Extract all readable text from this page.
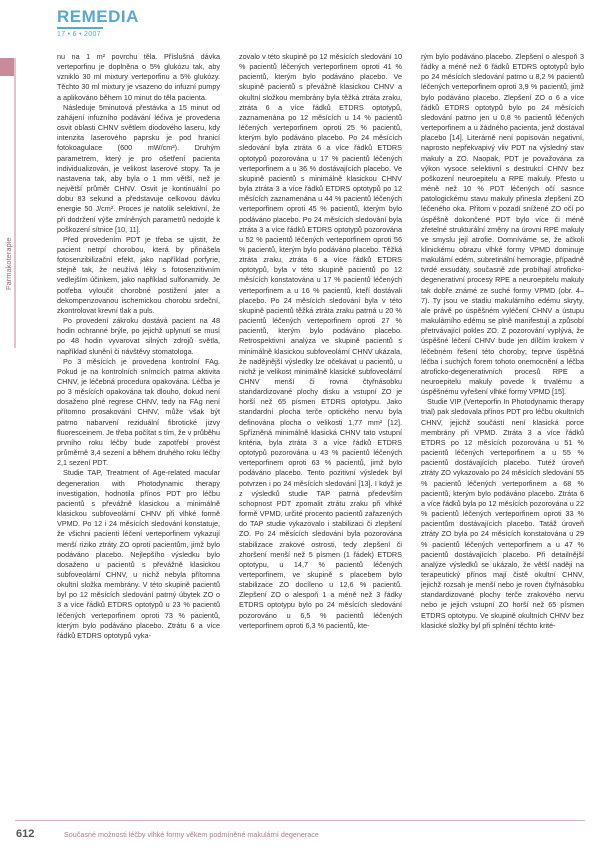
REMEDIA
17 • 6 • 2007
Farmakoterapie

nu na 1 m² povrchu těla. Příslušná dávka verteporfinu je doplněna o 5% glukózu tak, aby vzniklo 30 ml mixtury verteporfinu a 5% glukózy. Těchto 30 ml mixtury je vsazeno do infuzní pumpy a aplikováno během 10 minut do těla pacienta.

Následuje 5minutová přestávka a 15 minut od zahájení infuzního podávání léčiva je provedena osvit oblasti CHNV světlem diodového laseru, kdy intenzita laserového paprsku je pod hranicí fotokoagulace (600 mW/cm²). Druhým parametrem, který je pro ošetření pacienta individualizován, je velikost laserové stopy. Ta je nastavena tak, aby byla o 1 mm větší, než je největší průměr CHNV. Osvit je kontinuální po dobu 83 sekund a představuje celkovou dávku energie 50 J/cm². Proces je natolik selektivní, že při dodržení výše zmíněných parametrů nedojde k poškození sítnice [10, 11].

Před provedením PDT je třeba se ujistit, že pacient netrpí chorobou, která by přinášela fotosenzibilizační efekt, jako například porfyrie, stejně tak, že neužívá léky s fotosenzitivním vedlejším účinkem, jako například sulfonamidy. Je potřeba vyloučit chorobné postižení jater a dekompenzovanou ischemickou chorobu srdeční, zkontrolovat krevní tlak a puls.

Po provedení zákroku dostává pacient na 48 hodin ochranné brýle, po jejichž uplynutí se musí po 48 hodin vyvarovat silných zdrojů světla, například slunění či návštěvy stomatologa.

Po 3 měsících je provedena kontrolní FAg. Pokud je na kontrolních snímcích patrna aktivita CHNV, je léčebná procedura opakována. Léčba je po 3 měsících opakována tak dlouho, dokud není dosaženo plné regrese CHNV, tedy na FAg není přítomno prosakování CHNV, může však být patrno nabarvení reziduální fibrotické jizvy fluoresceinem. Je třeba počítat s tím, že v průběhu prvního roku léčby bude zapotřebí provést průměrně 3,4 sezení a během druhého roku léčby 2,1 sezení PDT.

Studie TAP, Treatment of Age-related macular degeneration with Photodynamic therapy investigation, hodnotila přínos PDT pro léčbu pacientů s převážně klasickou a minimálně klasickou subfoveolární CHNV při vlhké formě VPMD. Po 12 i 24 měsících sledování konstatuje, že všichni pacienti léčení verteporfinem vykazují menší riziko ztráty ZO oproti pacientům, jimž bylo podáváno placebo. Nejlepšího výsledku bylo dosaženo u pacientů s převážně klasickou subfoveolární CHNV, u nichž nebyla přítomna okultní složka membrány. V této skupině pacientů byl po 12 měsících sledování patrný úbytek ZO o 3 a více řádků ETDRS optotypů u 23 % pacientů léčených verteporfinem oproti 73 % pacientů, kterým bylo podáváno placebo. Ztrátu 6 a více řádků ETDRS optotypů vyka-

zovalo v této skupině po 12 měsících sledování 10 % pacientů léčených verteporfinem oproti 41 % pacientů, kterým bylo podáváno placebo. Ve skupině pacientů s převážně klasickou CHNV a okultní složkou membrány byla těžká ztráta zraku, ztráta 6 a více řádků ETDRS optotypů, zaznamenána po 12 měsících u 14 % pacientů léčených verteporfinem oproti 25 % pacientů, kterým bylo podáváno placebo. Po 24 měsících sledování byla ztráta 6 a více řádků ETDRS optotypů pozorována u 17 % pacientů léčených verteporfinem a u 36 % dostávajících placebo. Ve skupině pacientů s minimálně klasickou CHNV byla ztráta 3 a více řádků ETDRS optotypů po 12 měsících zaznamenána u 44 % pacientů léčených verteporfinem oproti 45 % pacientů, kterým bylo podáváno placebo. Po 24 měsících sledování byla ztráta 3 a více řádků ETDRS optotypů pozorována u 52 % pacientů léčených verteporfinem oproti 56 % pacientů, kterým bylo podáváno placebo. Těžká ztráta zraku, ztráta 6 a více řádků ETDRS optotypů, byla v této skupině pacientů po 12 měsících konstatována u 17 % pacientů léčených verteporfinem a u 16 % pacientů, kteří dostávali placebo. Po 24 měsících sledování byla v této skupině pacientů těžká ztráta zraku patrná u 20 % pacientů léčených verteporfinem oproti 27 % pacientů, kterým bylo podáváno placebo. Retrospektivní analýza ve skupině pacientů s minimálně klasickou subfoveolární CHNV ukázala, že nadějnější výsledky lze očekávat u pacientů, u nichž je velikost minimálně klasické subfoveolární CHNV menší či rovna čtyřnásobku standardizované plochy disku a vstupní ZO je horší než 65 písmen ETDRS optotypu. Jako standardní plocha terče optického nervu byla definována plocha o velikosti 1,77 mm² [12]. Spřízněná minimálně klasická CHNV tato vstupní kritéria, byla ztráta 3 a více řádků ETDRS optotypů pozorována u 43 % pacientů léčených verteporfinem oproti 63 % pacientů, jimž bylo podáváno placebo. Tento pozitivní výsledek byl potvrzen i po 24 měsících sledování [13]. I když je z výsledků studie TAP patrná především schopnost PDT zpomalit ztrátu zraku při vlhké formě VPMD, určité procento pacientů zařazených do TAP studie vykazovalo i stabilizaci či zlepšení ZO. Po 24 měsících sledování byla pozorována stabilizace zrakové ostrosti, tedy zlepšení či zhoršení menší než 5 písmen (1 řádek) ETDRS optotypu, u 14,7 % pacientů léčených verteporfinem, ve skupině s placebem bylo stabilizace ZO docíleno u 12,6 % pacientů. Zlepšení ZO o alespoň 1 a méně než 3 řádky ETDRS optotypu bylo po 24 měsících sledování pozorováno u 6,5 % pacientů léčených verteporfinem oproti 6,3 % pacientů, kte-

rým bylo podáváno placebo. Zlepšení o alespoň 3 řádky a méně než 6 řádků ETDRS optotypů bylo po 24 měsících sledování patrno u 8,2 % pacientů léčených verteporfinem oproti 3,9 % pacientů, jimž bylo podáváno placebo. Zlepšení ZO o 6 a více řádků ETDRS optotypů bylo po 24 měsících sledování patrno jen u 0,8 % pacientů léčených verteporfinem a u žádného pacienta, jenž dostával placebo [14]. Literárně není popisován negativní, naprosto nepřekvapivý vliv PDT na výsledný stav makuly a ZO. Naopak, PDT je považována za výkon vysoce selektivní s destrukcí CHNV bez poškození neuroepitelu a RPE makuly. Přesto u méně než 10 % PDT léčených očí sasnce patologickému stavu makuly přinesla zlepšení ZO léčeného oka. Přitom v pozadí snížené ZO očí po úspěšně dokončené PDT bylo více či méně zřetelné strukturální změny na úrovni RPE makuly ve smyslu její atrofie. Domníváme se, že ačkoli klinickému obrazu vlhké formy VPMD dominuje makulární edém, subretinální hemoragie, případně tvrdé exsudáty, současně zde probíhají atroficko-degenerativní procesy RPE a neuroepitelu makuly tak dobře známé ze suché formy VPMD (obr. 4–7). Ty jsou ve stadiu makulárního edému skryty, ale právě po úspěšném vyléčení CHNV a ústupu makulárního edému se plně manifestují a způsobí přetrvávající pokles ZO. Z pozorování vyplývá, že úspěšné léčení CHNV bude jen dílčím krokem v léčebném řešení této choroby; teprve úspěšná léčba i suchých forem tohoto onemocnění a léčba atroficko-degenerativních procesů RPE a neuroepitelu makuly povede k trvalému a úspěšnému vyřešení vlhké formy VPMD [15].

Studie VIP (Verteporfin In Photodynamic therapy trial) pak sledovala přínos PDT pro léčbu okultních CHNV, jejichž součástí není klasická porce membrány při VPMD. Ztráta 3 a více řádků ETDRS po 12 měsících pozorována u 51 % pacientů léčených verteporfinem a u 55 % pacientů dostávajících placebo. Tutéž úroveň ztráty ZO vykazovalo po 24 měsících sledování 55 % pacientů léčených verteporfinem a 68 % pacientů, kterým bylo podáváno placebo. Ztráta 6 a více řádků byla po 12 měsících pozorována u 22 % pacientů léčených verteporfinem oproti 33 % pacientům dostávajících placebo. Tatáž úroveň ztráty ZO byla po 24 měsících konstatována u 29 % pacientů léčených verteporfinem a u 47 % pacientů dostávajících placebo. Při detailnější analýze výsledků se ukázalo, že větší naději na terapeutický přínos mají čistě okultní CHNV, jejichž rozsah je menší nebo je roven čtyřnásobku standardizované plochy terče zrakového nervu nebo je jejich vstupní ZO horší než 65 písmen ETDRS optotypu. Ve skupině okultních CHNV bez klasické složky byl při splnění těchto krité-

612	Současné možnosti léčby vlhké formy věkem podmíněné makulární degenerace
